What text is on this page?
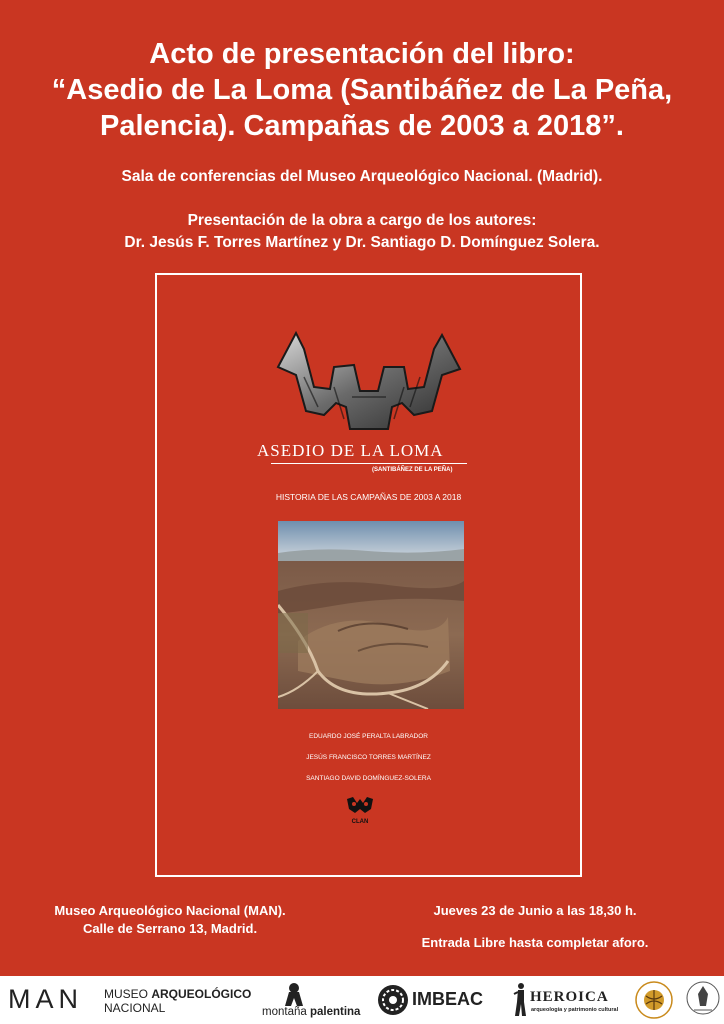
Acto de presentación del libro:
“Asedio de La Loma (Santibáñez de La Peña,
Palencia). Campañas de 2003 a 2018”.
Sala de conferencias del Museo Arqueológico Nacional. (Madrid).
Presentación de la obra a cargo de los autores:
Dr. Jesús F. Torres Martínez y Dr. Santiago D. Domínguez Solera.
ASEDIO DE LA LOMA
(SANTIBÁÑEZ DE LA PEÑA)
HISTORIA DE LAS CAMPAÑAS DE 2003 A 2018
EDUARDO JOSÉ PERALTA LABRADOR
JESÚS FRANCISCO TORRES MARTÍNEZ
SANTIAGO DAVID DOMÍNGUEZ-SOLERA
CLAN
Museo Arqueológico Nacional (MAN).
Calle de Serrano 13, Madrid.
Jueves 23 de Junio a las 18,30 h.
Entrada Libre hasta completar aforo.
MAN MUSEO ARQUEOLÓGICO
NACIONAL	montaña palentina
IMBEAC	HEROICA
arqueología y patrimonio cultural
